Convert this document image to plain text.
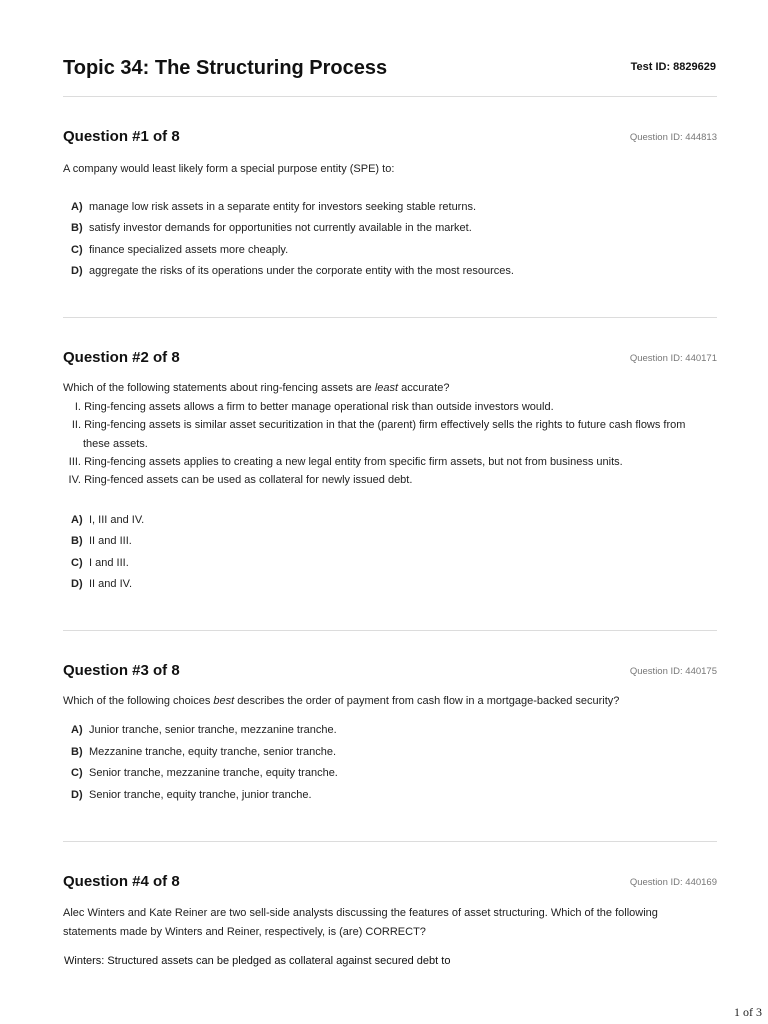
Topic 34: The Structuring Process	Test ID: 8829629
Question #1 of 8	Question ID: 444813
A company would least likely form a special purpose entity (SPE) to:
A) manage low risk assets in a separate entity for investors seeking stable returns.
B) satisfy investor demands for opportunities not currently available in the market.
C) finance specialized assets more cheaply.
D) aggregate the risks of its operations under the corporate entity with the most resources.
Question #2 of 8	Question ID: 440171
Which of the following statements about ring-fencing assets are least accurate?
I. Ring-fencing assets allows a firm to better manage operational risk than outside investors would.
II. Ring-fencing assets is similar asset securitization in that the (parent) firm effectively sells the rights to future cash flows from
these assets.
III. Ring-fencing assets applies to creating a new legal entity from specific firm assets, but not from business units.
IV. Ring-fenced assets can be used as collateral for newly issued debt.
A) I, III and IV.
B) II and III.
C) I and III.
D) II and IV.
Question #3 of 8	Question ID: 440175
Which of the following choices best describes the order of payment from cash flow in a mortgage-backed security?
A) Junior tranche, senior tranche, mezzanine tranche.
B) Mezzanine tranche, equity tranche, senior tranche.
C) Senior tranche, mezzanine tranche, equity tranche.
D) Senior tranche, equity tranche, junior tranche.
Question #4 of 8	Question ID: 440169
Alec Winters and Kate Reiner are two sell-side analysts discussing the features of asset structuring. Which of the following
statements made by Winters and Reiner, respectively, is (are) CORRECT?
Winters: Structured assets can be pledged as collateral against secured debt to
1 of 3
